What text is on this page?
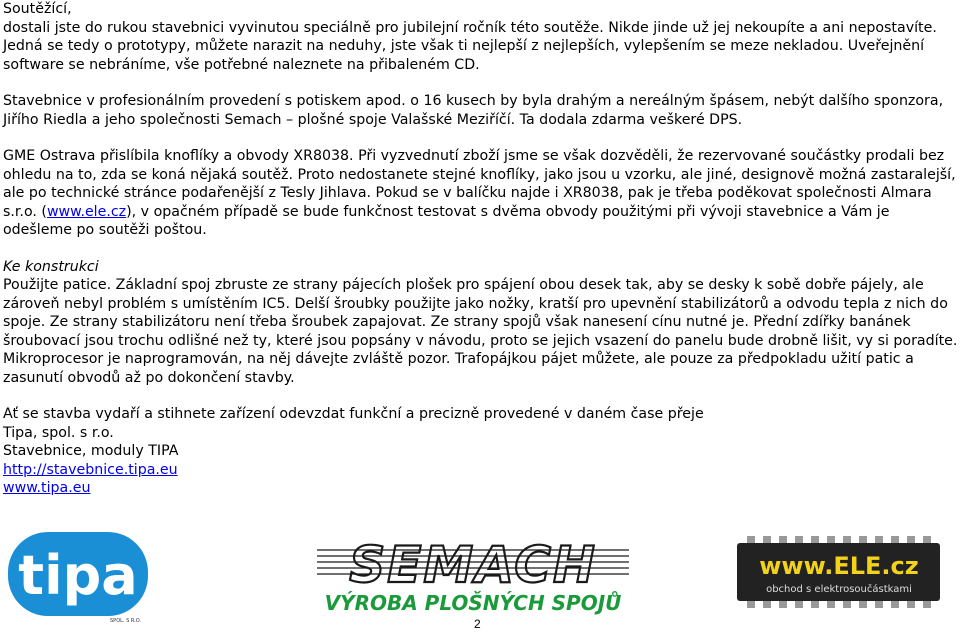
Soutěžící,

dostali jste do rukou stavebnici vyvinutou speciálně pro jubilejní ročník této soutěže. Nikde jinde už jej nekoupíte a ani nepostavíte. Jedná se tedy o prototypy, můžete narazit na neduhy, jste však ti nejlepší z nejlepších, vylepšením se meze nekladou. Uveřejnění software se nebráníme, vše potřebné naleznete na přibaleném CD.

Stavebnice v profesionálním provedení s potiskem apod. o 16 kusech by byla drahým a nereálným špásem, nebýt dalšího sponzora, Jiřího Riedla a jeho společnosti Semach – plošné spoje Valašské Meziříčí. Ta dodala zdarma veškeré DPS.

GME Ostrava přislíbila knoflíky a obvody XR8038. Při vyzvednutí zboží jsme se však dozvěděli, že rezervované součástky prodali bez ohledu na to, zda se koná nějaká soutěž. Proto nedostanete stejné knoflíky, jako jsou u vzorku, ale jiné, designově možná zastaralejší, ale po technické stránce podařenější z Tesly Jihlava. Pokud se v balíčku najde i XR8038, pak je třeba poděkovat společnosti Almara s.r.o. (www.ele.cz), v opačném případě se bude funkčnost testovat s dvěma obvody použitými při vývoji stavebnice a Vám je odešleme po soutěži poštou.

Ke konstrukci

Použijte patice. Základní spoj zbruste ze strany pájecích plošek pro spájení obou desek tak, aby se desky k sobě dobře pájely, ale zároveň nebyl problém s umístěním IC5. Delší šroubky použijte jako nožky, kratší pro upevnění stabilizátorů a odvodu tepla z nich do spoje. Ze strany stabilizátoru není třeba šroubek zapajovat. Ze strany spojů však nanesení cínu nutné je. Přední zdířky banánek šroubovací jsou trochu odlišné než ty, které jsou popsány v návodu, proto se jejich vsazení do panelu bude drobně lišit, vy si poradíte. Mikroprocesor je naprogramován, na něj dávejte zvláště pozor. Trafopájkou pájet můžete, ale pouze za předpokladu užití patic a zasunutí obvodů až po dokončení stavby.

Ať se stavba vydaří a stihnete zařízení odevzdat funkční a precizně provedené v daném čase přeje

Tipa, spol. s r.o.

Stavebnice, moduly TIPA

http://stavebnice.tipa.eu

www.tipa.eu

tipa
SPOL. S R.O.
SEMACH
VÝROBA PLOŠNÝCH SPOJŮ
www.ELE.cz
obchod s elektrosoučástkami
2
